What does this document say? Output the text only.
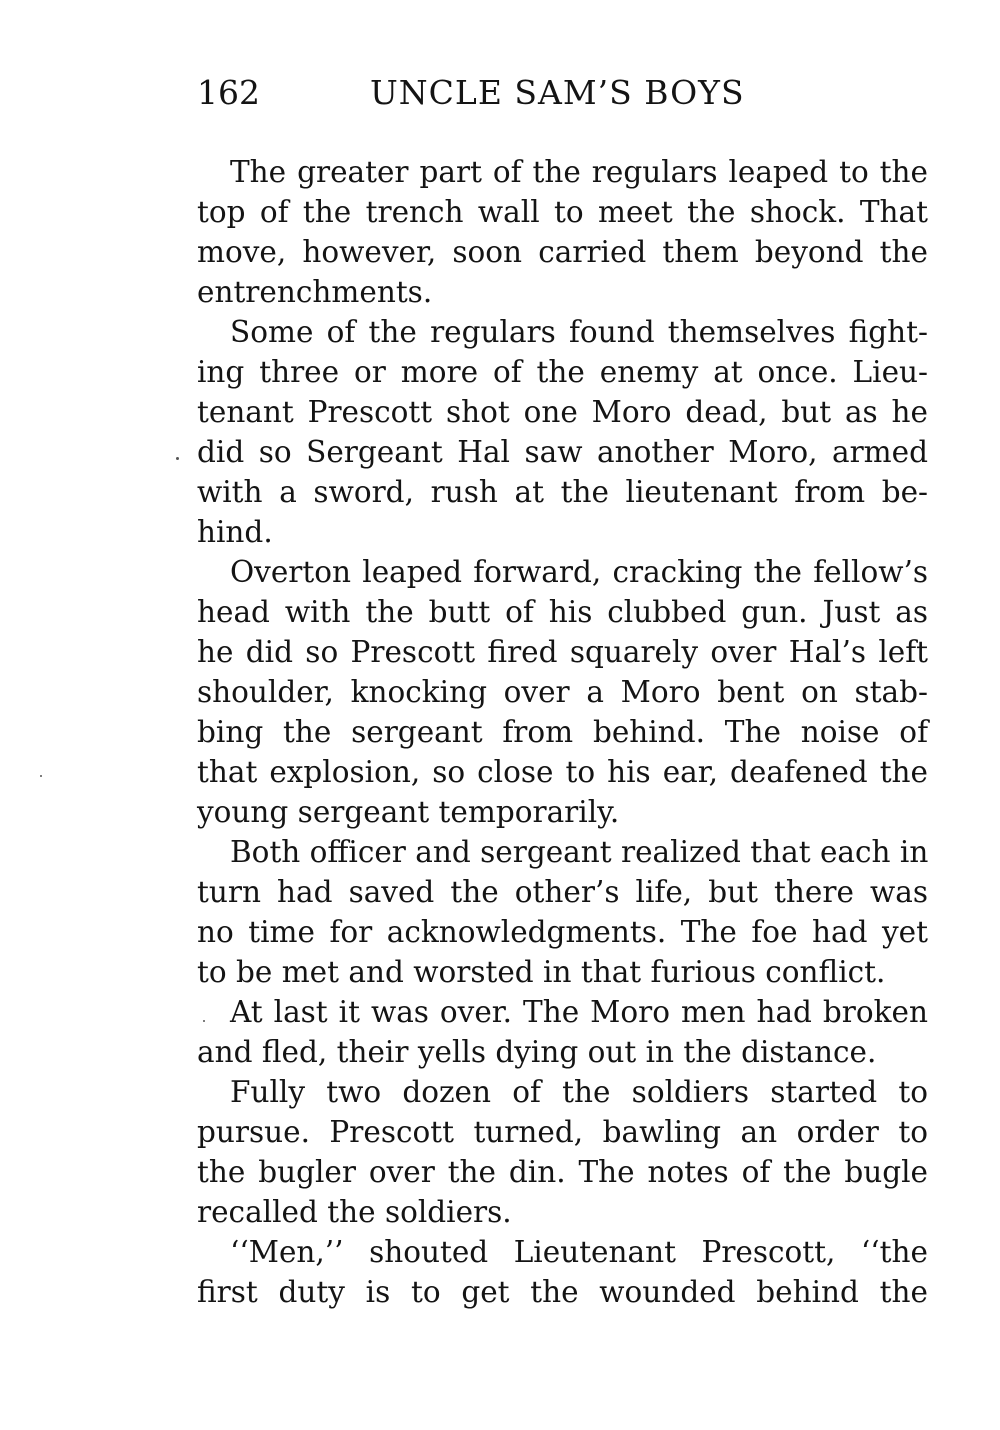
162	UNCLE SAM’S BOYS
The greater part of the regulars leaped to the
top of the trench wall to meet the shock. That
move, however, soon carried them beyond the
entrenchments.
Some of the regulars found themselves fight-
ing three or more of the enemy at once. Lieu-
tenant Prescott shot one Moro dead, but as he
did so Sergeant Hal saw another Moro, armed
with a sword, rush at the lieutenant from be-
hind.
Overton leaped forward, cracking the fellow’s
head with the butt of his clubbed gun. Just as
he did so Prescott fired squarely over Hal’s left
shoulder, knocking over a Moro bent on stab-
bing the sergeant from behind. The noise of
that explosion, so close to his ear, deafened the
young sergeant temporarily.
Both officer and sergeant realized that each in
turn had saved the other’s life, but there was
no time for acknowledgments. The foe had yet
to be met and worsted in that furious conflict.
At last it was over. The Moro men had broken
and fled, their yells dying out in the distance.
Fully two dozen of the soldiers started to
pursue. Prescott turned, bawling an order to
the bugler over the din. The notes of the bugle
recalled the soldiers.
‘‘Men,’’ shouted Lieutenant Prescott, ‘‘the
first duty is to get the wounded behind the
